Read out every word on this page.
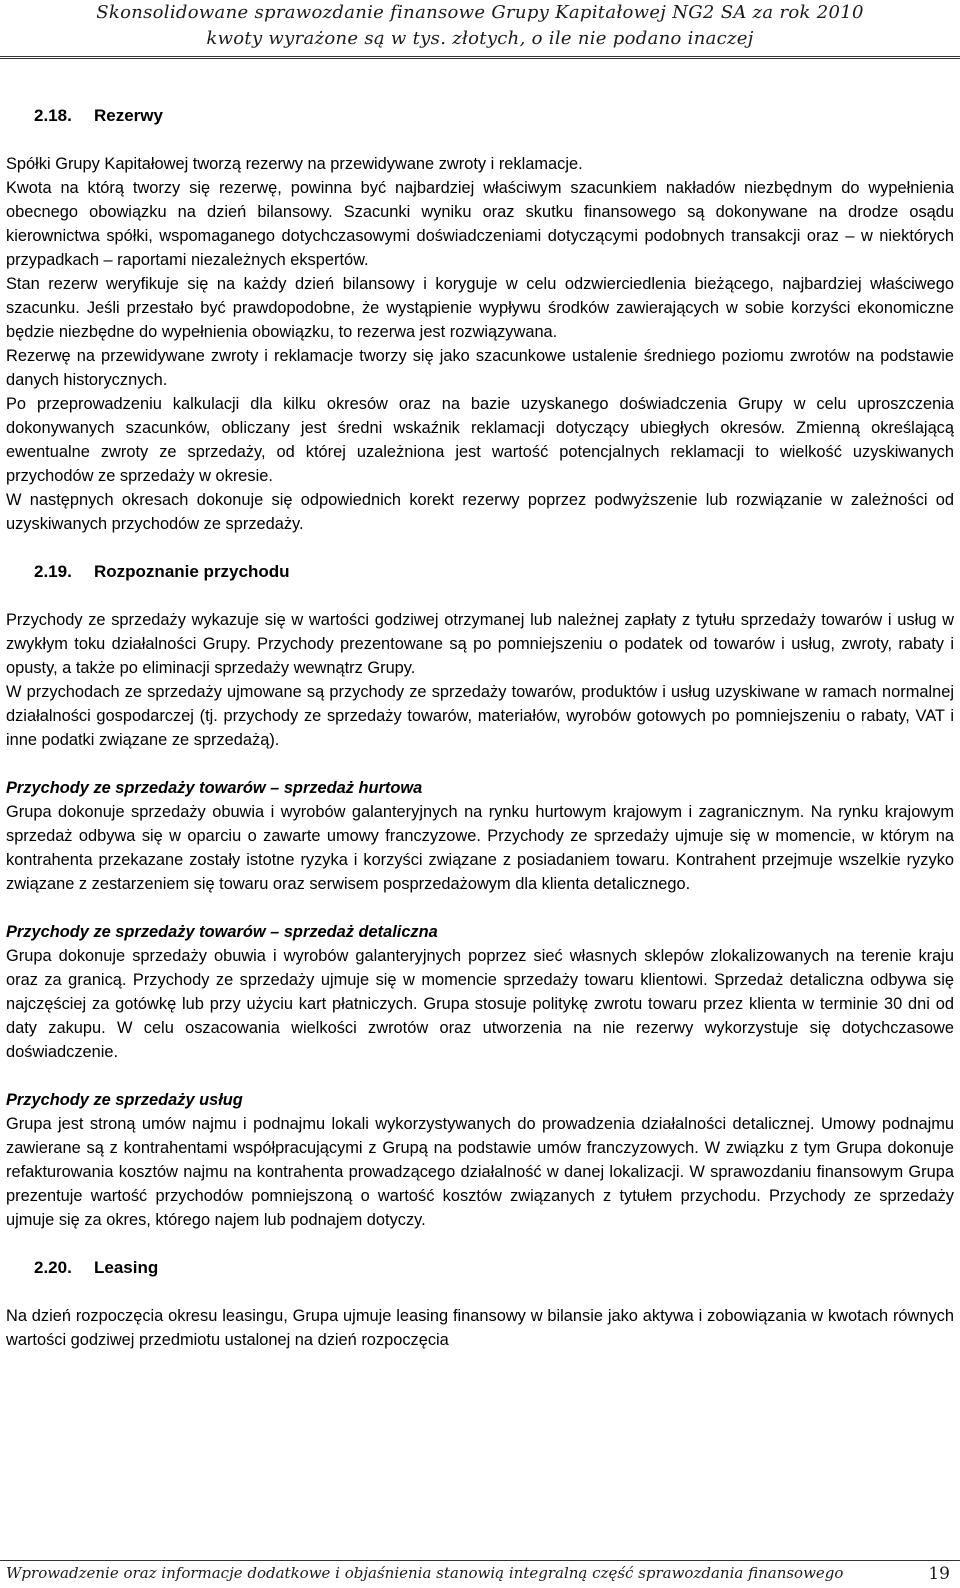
Skonsolidowane sprawozdanie finansowe Grupy Kapitałowej NG2 SA za rok 2010
kwoty wyrażone są w tys. złotych, o ile nie podano inaczej
2.18. Rezerwy

Spółki Grupy Kapitałowej tworzą rezerwy na przewidywane zwroty i reklamacje.

Kwota na którą tworzy się rezerwę, powinna być najbardziej właściwym szacunkiem nakładów niezbędnym do wypełnienia obecnego obowiązku na dzień bilansowy. Szacunki wyniku oraz skutku finansowego są dokonywane na drodze osądu kierownictwa spółki, wspomaganego dotychczasowymi doświadczeniami dotyczącymi podobnych transakcji oraz – w niektórych przypadkach – raportami niezależnych ekspertów.

Stan rezerw weryfikuje się na każdy dzień bilansowy i koryguje w celu odzwierciedlenia bieżącego, najbardziej właściwego szacunku. Jeśli przestało być prawdopodobne, że wystąpienie wypływu środków zawierających w sobie korzyści ekonomiczne będzie niezbędne do wypełnienia obowiązku, to rezerwa jest rozwiązywana.

Rezerwę na przewidywane zwroty i reklamacje tworzy się jako szacunkowe ustalenie średniego poziomu zwrotów na podstawie danych historycznych.

Po przeprowadzeniu kalkulacji dla kilku okresów oraz na bazie uzyskanego doświadczenia Grupy w celu uproszczenia dokonywanych szacunków, obliczany jest średni wskaźnik reklamacji dotyczący ubiegłych okresów. Zmienną określającą ewentualne zwroty ze sprzedaży, od której uzależniona jest wartość potencjalnych reklamacji to wielkość uzyskiwanych przychodów ze sprzedaży w okresie.

W następnych okresach dokonuje się odpowiednich korekt rezerwy poprzez podwyższenie lub rozwiązanie w zależności od uzyskiwanych przychodów ze sprzedaży.

2.19. Rozpoznanie przychodu

Przychody ze sprzedaży wykazuje się w wartości godziwej otrzymanej lub należnej zapłaty z tytułu sprzedaży towarów i usług w zwykłym toku działalności Grupy. Przychody prezentowane są po pomniejszeniu o podatek od towarów i usług, zwroty, rabaty i opusty, a także po eliminacji sprzedaży wewnątrz Grupy.

W przychodach ze sprzedaży ujmowane są przychody ze sprzedaży towarów, produktów i usług uzyskiwane w ramach normalnej działalności gospodarczej (tj. przychody ze sprzedaży towarów, materiałów, wyrobów gotowych po pomniejszeniu o rabaty, VAT i inne podatki związane ze sprzedażą).

Przychody ze sprzedaży towarów – sprzedaż hurtowa

Grupa dokonuje sprzedaży obuwia i wyrobów galanteryjnych na rynku hurtowym krajowym i zagranicznym. Na rynku krajowym sprzedaż odbywa się w oparciu o zawarte umowy franczyzowe. Przychody ze sprzedaży ujmuje się w momencie, w którym na kontrahenta przekazane zostały istotne ryzyka i korzyści związane z posiadaniem towaru. Kontrahent przejmuje wszelkie ryzyko związane z zestarzeniem się towaru oraz serwisem posprzedażowym dla klienta detalicznego.

Przychody ze sprzedaży towarów – sprzedaż detaliczna

Grupa dokonuje sprzedaży obuwia i wyrobów galanteryjnych poprzez sieć własnych sklepów zlokalizowanych na terenie kraju oraz za granicą. Przychody ze sprzedaży ujmuje się w momencie sprzedaży towaru klientowi. Sprzedaż detaliczna odbywa się najczęściej za gotówkę lub przy użyciu kart płatniczych. Grupa stosuje politykę zwrotu towaru przez klienta w terminie 30 dni od daty zakupu. W celu oszacowania wielkości zwrotów oraz utworzenia na nie rezerwy wykorzystuje się dotychczasowe doświadczenie.

Przychody ze sprzedaży usług

Grupa jest stroną umów najmu i podnajmu lokali wykorzystywanych do prowadzenia działalności detalicznej. Umowy podnajmu zawierane są z kontrahentami współpracującymi z Grupą na podstawie umów franczyzowych. W związku z tym Grupa dokonuje refakturowania kosztów najmu na kontrahenta prowadzącego działalność w danej lokalizacji. W sprawozdaniu finansowym Grupa prezentuje wartość przychodów pomniejszoną o wartość kosztów związanych z tytułem przychodu. Przychody ze sprzedaży ujmuje się za okres, którego najem lub podnajem dotyczy.

2.20. Leasing

Na dzień rozpoczęcia okresu leasingu, Grupa ujmuje leasing finansowy w bilansie jako aktywa i zobowiązania w kwotach równych wartości godziwej przedmiotu ustalonej na dzień rozpoczęcia

Wprowadzenie oraz informacje dodatkowe i objaśnienia stanowią integralną część sprawozdania finansowego	19
